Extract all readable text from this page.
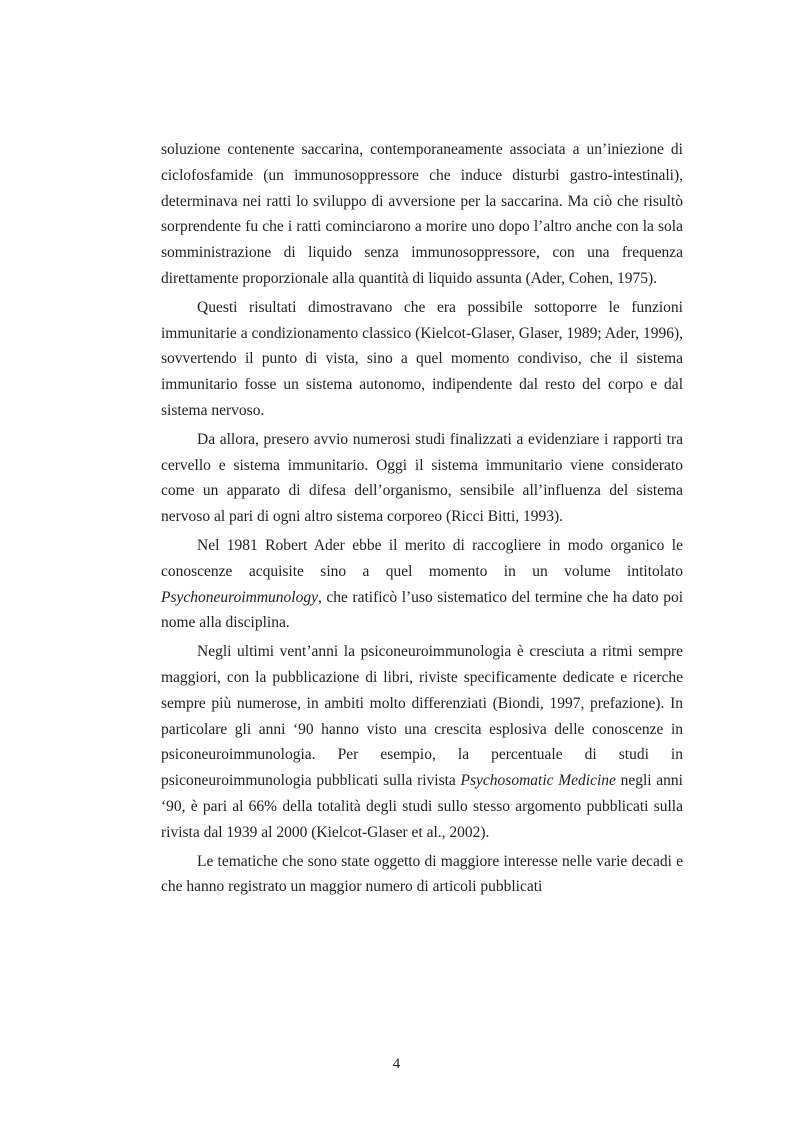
soluzione contenente saccarina, contemporaneamente associata a un’iniezione di ciclofosfamide (un immunosoppressore che induce disturbi gastro-intestinali), determinava nei ratti lo sviluppo di avversione per la saccarina. Ma ciò che risultò sorprendente fu che i ratti cominciarono a morire uno dopo l’altro anche con la sola somministrazione di liquido senza immunosoppressore, con una frequenza direttamente proporzionale alla quantità di liquido assunta (Ader, Cohen, 1975).

Questi risultati dimostravano che era possibile sottoporre le funzioni immunitarie a condizionamento classico (Kielcot-Glaser, Glaser, 1989; Ader, 1996), sovvertendo il punto di vista, sino a quel momento condiviso, che il sistema immunitario fosse un sistema autonomo, indipendente dal resto del corpo e dal sistema nervoso.

Da allora, presero avvio numerosi studi finalizzati a evidenziare i rapporti tra cervello e sistema immunitario. Oggi il sistema immunitario viene considerato come un apparato di difesa dell’organismo, sensibile all’influenza del sistema nervoso al pari di ogni altro sistema corporeo (Ricci Bitti, 1993).

Nel 1981 Robert Ader ebbe il merito di raccogliere in modo organico le conoscenze acquisite sino a quel momento in un volume intitolato Psychoneuroimmunology, che ratificò l’uso sistematico del termine che ha dato poi nome alla disciplina.

Negli ultimi vent’anni la psiconeuroimmunologia è cresciuta a ritmi sempre maggiori, con la pubblicazione di libri, riviste specificamente dedicate e ricerche sempre più numerose, in ambiti molto differenziati (Biondi, 1997, prefazione). In particolare gli anni ‘90 hanno visto una crescita esplosiva delle conoscenze in psiconeuroimmunologia. Per esempio, la percentuale di studi in psiconeuroimmunologia pubblicati sulla rivista Psychosomatic Medicine negli anni ‘90, è pari al 66% della totalità degli studi sullo stesso argomento pubblicati sulla rivista dal 1939 al 2000 (Kielcot-Glaser et al., 2002).

Le tematiche che sono state oggetto di maggiore interesse nelle varie decadi e che hanno registrato un maggior numero di articoli pubblicati

4
